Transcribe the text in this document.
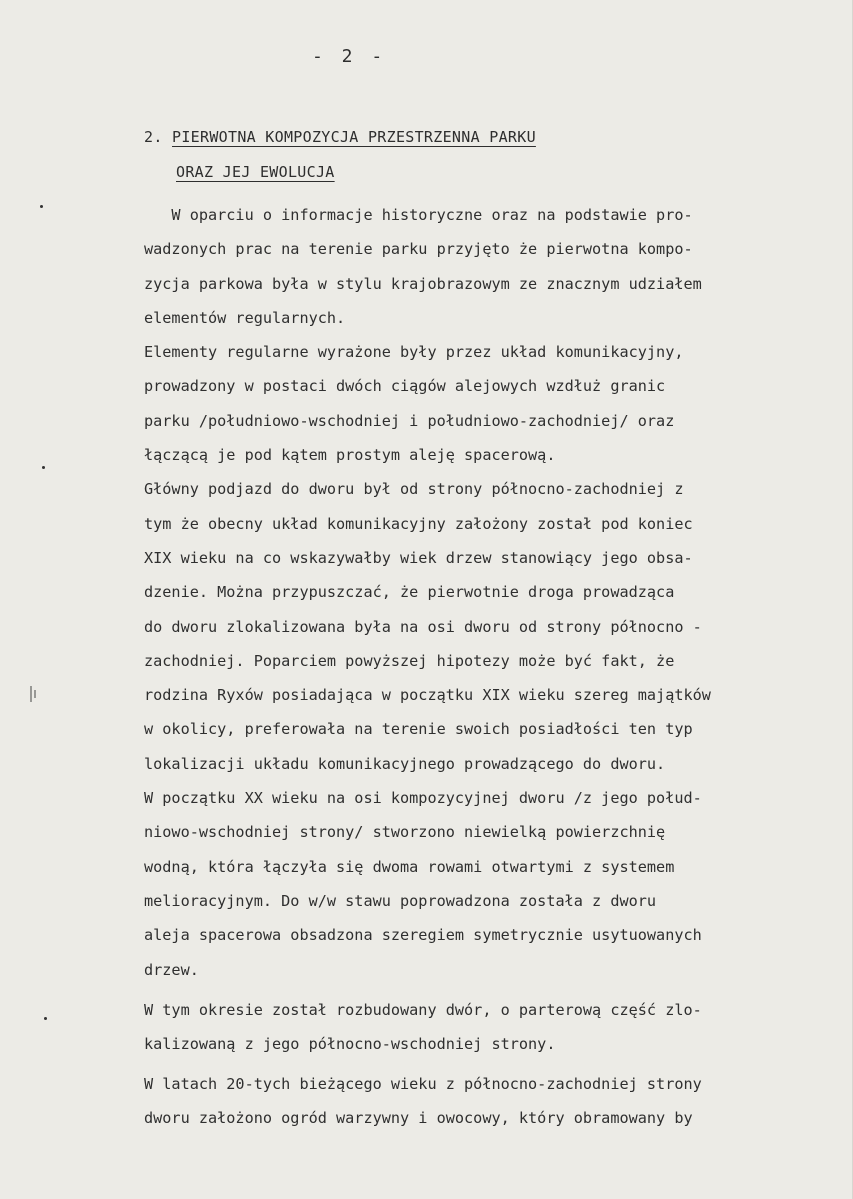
- 2 -
2. PIERWOTNA KOMPOZYCJA PRZESTRZENNA PARKU
ORAZ JEJ EWOLUCJA
W oparciu o informacje historyczne oraz na podstawie pro-
wadzonych prac na terenie parku przyjęto że pierwotna kompo-
zycja parkowa była w stylu krajobrazowym ze znacznym udziałem
elementów regularnych.
Elementy regularne wyrażone były przez układ komunikacyjny,
prowadzony w postaci dwóch ciągów alejowych wzdłuż granic
parku /południowo-wschodniej i południowo-zachodniej/ oraz
łączącą je pod kątem prostym aleję spacerową.
Główny podjazd do dworu był od strony północno-zachodniej z
tym że obecny układ komunikacyjny założony został pod koniec
XIX wieku na co wskazywałby wiek drzew stanowiący jego obsa-
dzenie. Można przypuszczać, że pierwotnie droga prowadząca
do dworu zlokalizowana była na osi dworu od strony północno -
zachodniej. Poparciem powyższej hipotezy może być fakt, że
rodzina Ryxów posiadająca w początku XIX wieku szereg majątków
w okolicy, preferowała na terenie swoich posiadłości ten typ
lokalizacji układu komunikacyjnego prowadzącego do dworu.
W początku XX wieku na osi kompozycyjnej dworu /z jego połud-
niowo-wschodniej strony/ stworzono niewielką powierzchnię
wodną, która łączyła się dwoma rowami otwartymi z systemem
melioracyjnym. Do w/w stawu poprowadzona została z dworu
aleja spacerowa obsadzona szeregiem symetrycznie usytuowanych
drzew.
W tym okresie został rozbudowany dwór, o parterową część zlo-
kalizowaną z jego północno-wschodniej strony.
W latach 20-tych bieżącego wieku z północno-zachodniej strony
dworu założono ogród warzywny i owocowy, który obramowany by
